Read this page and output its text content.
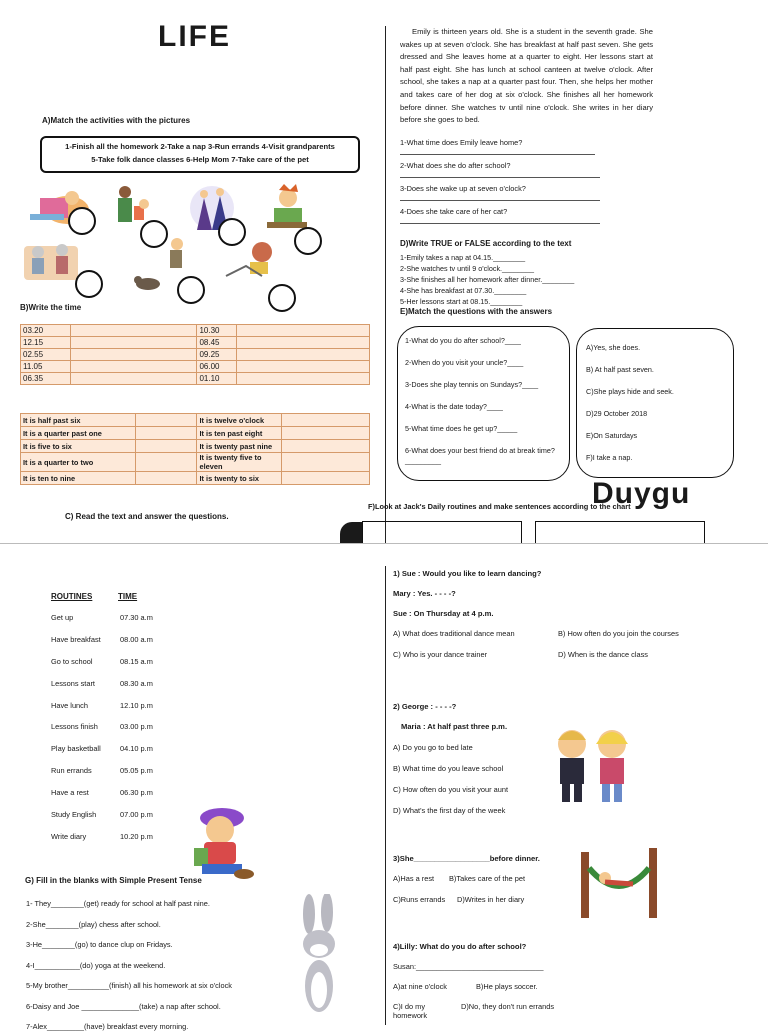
LIFE
A)Match the activities with the pictures
1-Finish all the homework 2-Take a nap 3-Run errands 4-Visit grandparents
5-Take folk dance classes 6-Help Mom 7-Take care of the pet
B)Write the time
03.20		10.30	
12.15		08.45	
02.55		09.25	
11.05		06.00	
06.35		01.10	
It is half past six		It is twelve o'clock	
It is a quarter past one		It is ten past eight	
It is five to six		It is twenty past nine	
It is a quarter to two		It is twenty five to eleven	
It is ten to nine		It is twenty to six	
C) Read the text and answer the questions.
Emily is thirteen years old. She is a student in the seventh grade. She wakes up at seven o'clock. She has breakfast at half past seven. She gets dressed and She leaves home at a quarter to eight. Her lessons start at half past eight. She has lunch at school canteen at twelve o'clock. After school, she takes a nap at a quarter past four. Then, she helps her mother and takes care of her dog at six o'clock. She finishes all her homework before dinner. She watches tv until nine o'clock. She writes in her diary before she goes to bed.
1-What time does Emily leave home?
2-What does she do after school?
3-Does she wake up at seven o'clock?
4-Does she take care of her cat?
D)Write TRUE or FALSE according to the text
1-Emily takes a nap at 04.15.________
2-She watches tv until 9 o'clock.________
3-She finishes all her homework after dinner.________
4-She has breakfast at 07.30.________
5-Her lessons start at 08.15.________
E)Match the questions with the answers
1-What do you do after school?____
2-When do you visit your uncle?____
3-Does she play tennis on Sundays?____
4-What is the date today?____
5-What time does he get up?_____
6-What does your best friend do at break time?_________
A)Yes, she does.
B) At half past seven.
C)She plays hide and seek.
D)29 October 2018
E)On Saturdays
F)I take a nap.
Duygu
F)Look at Jack's Daily routines and make sentences according to the chart
ROUTINES	TIME
Get up	07.30 a.m
Have breakfast	08.00 a.m
Go to school	08.15 a.m
Lessons start	08.30 a.m
Have lunch	12.10 p.m
Lessons finish	03.00 p.m
Play basketball	04.10 p.m
Run errands	05.05 p.m
Have a rest	06.30 p.m
Study English	07.00 p.m
Write diary	10.20 p.m
G) Fill in the blanks with Simple Present Tense
1- They________(get) ready for school at half past nine.
2-She________(play) chess after school.
3-He________(go) to dance clup on Fridays.
4-I___________(do) yoga at the weekend.
5-My brother__________(finish) all his homework at six o'clock
6-Daisy and Joe ______________(take) a nap after school.
7-Alex_________(have) breakfast every morning.
1) Sue : Would you like to learn dancing?
Mary : Yes. - - - -?
Sue : On Thursday at 4 p.m.
A) What does traditional dance mean	B) How often do you join the courses
C) Who is your dance trainer	D) When is the dance class
2) George : - - - -?
Maria : At half past three p.m.
A) Do you go to bed late
B) What time do you leave school
C) How often do you visit your aunt
D) What's the first day of the week
3)She__________________before dinner.
A)Has a rest	B)Takes care of the pet
C)Runs errands	D)Writes in her diary
4)Lilly: What do you do after school?
Susan:_______________________________
A)at nine o'clock	B)He plays soccer.
C)I do my homework
D)No, they don't run errands
